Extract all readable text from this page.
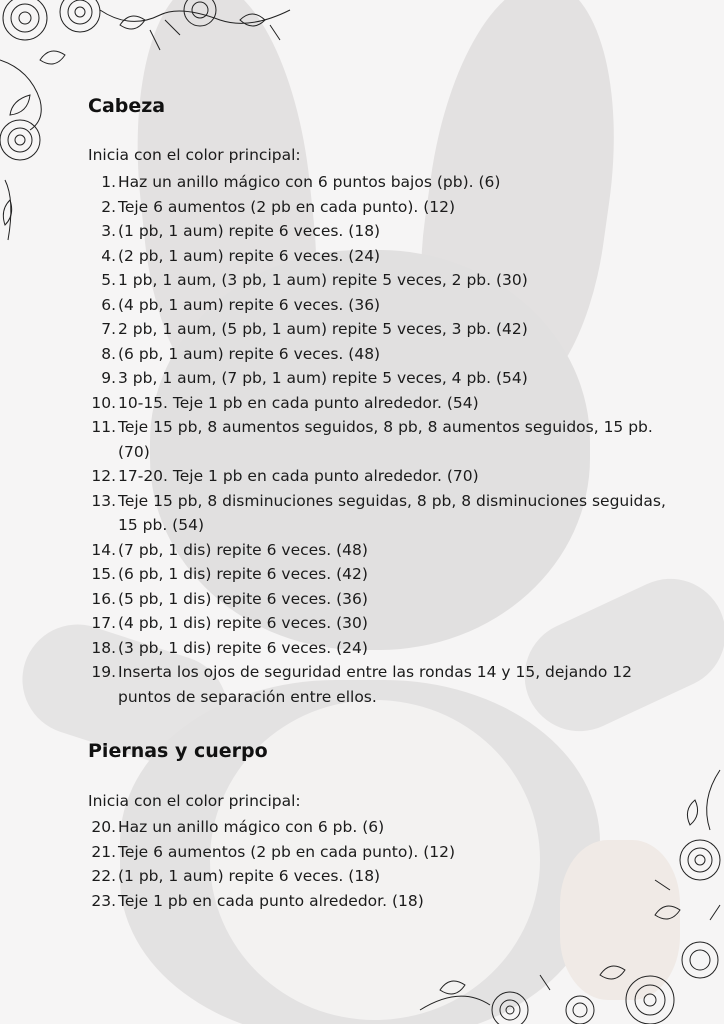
Cabeza

Inicia con el color principal:

1. Haz un anillo mágico con 6 puntos bajos (pb). (6)
2. Teje 6 aumentos (2 pb en cada punto). (12)
3. (1 pb, 1 aum) repite 6 veces. (18)
4. (2 pb, 1 aum) repite 6 veces. (24)
5. 1 pb, 1 aum, (3 pb, 1 aum) repite 5 veces, 2 pb. (30)
6. (4 pb, 1 aum) repite 6 veces. (36)
7. 2 pb, 1 aum, (5 pb, 1 aum) repite 5 veces, 3 pb. (42)
8. (6 pb, 1 aum) repite 6 veces. (48)
9. 3 pb, 1 aum, (7 pb, 1 aum) repite 5 veces, 4 pb. (54)
10. 10-15. Teje 1 pb en cada punto alrededor. (54)
11. Teje 15 pb, 8 aumentos seguidos, 8 pb, 8 aumentos seguidos, 15 pb. (70)
12. 17-20. Teje 1 pb en cada punto alrededor. (70)
13. Teje 15 pb, 8 disminuciones seguidas, 8 pb, 8 disminuciones seguidas, 15 pb. (54)
14. (7 pb, 1 dis) repite 6 veces. (48)
15. (6 pb, 1 dis) repite 6 veces. (42)
16. (5 pb, 1 dis) repite 6 veces. (36)
17. (4 pb, 1 dis) repite 6 veces. (30)
18. (3 pb, 1 dis) repite 6 veces. (24)
19. Inserta los ojos de seguridad entre las rondas 14 y 15, dejando 12 puntos de separación entre ellos.
Piernas y cuerpo

Inicia con el color principal:

20. Haz un anillo mágico con 6 pb. (6)
21. Teje 6 aumentos (2 pb en cada punto). (12)
22. (1 pb, 1 aum) repite 6 veces. (18)
23. Teje 1 pb en cada punto alrededor. (18)
